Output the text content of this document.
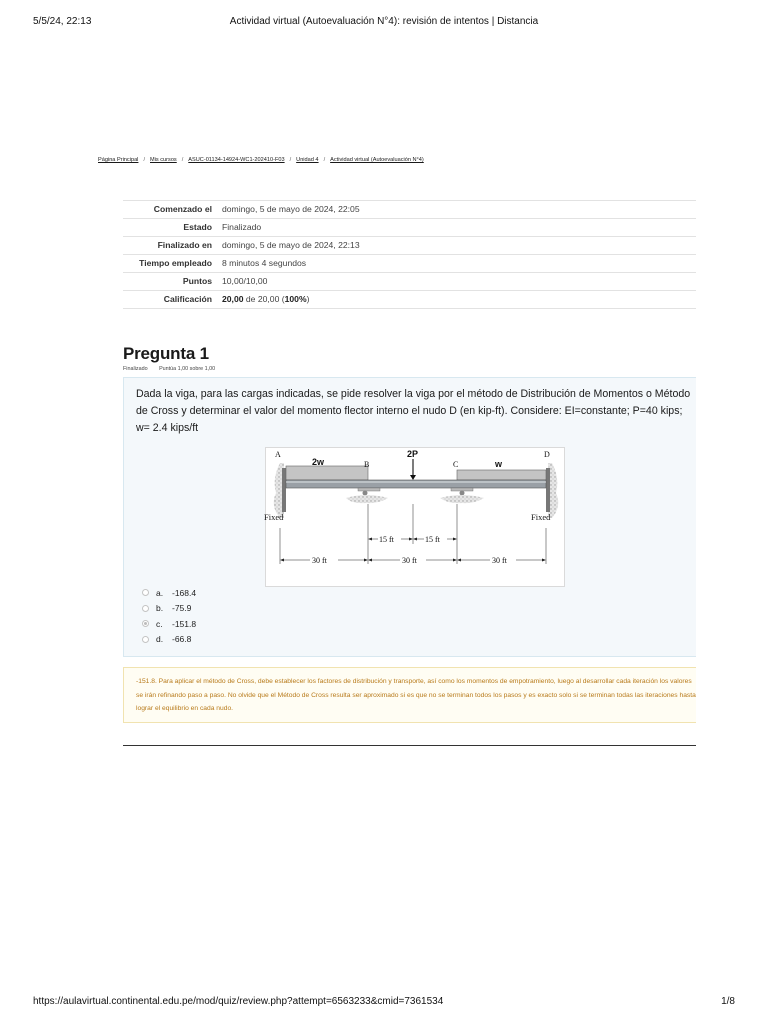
5/5/24, 22:13	Actividad virtual (Autoevaluación N°4): revisión de intentos | Distancia
Página Principal / Mis cursos / ASUC-01134-14924-WC1-202410-F03 / Unidad 4 / Actividad virtual (Autoevaluación N°4)
Comenzado el	domingo, 5 de mayo de 2024, 22:05
Estado	Finalizado
Finalizado en	domingo, 5 de mayo de 2024, 22:13
Tiempo empleado	8 minutos 4 segundos
Puntos	10,00/10,00
Calificación	20,00 de 20,00 (100%)
Pregunta 1
Finalizado Puntúa 1,00 sobre 1,00

Dada la viga, para las cargas indicadas, se pide resolver la viga por el método de Distribución de Momentos o Método de Cross y determinar el valor del momento flector interno el nudo D (en kip-ft). Considere: EI=constante; P=40 kips; w= 2.4 kips/ft

A
B	C
D
2w
2P
w
Fixed	Fixed
15 ft	15 ft
30 ft	30 ft	30 ft
a.	-168.4
b.	-75.9
c.	-151.8
d.	-66.8

-151.8. Para aplicar el método de Cross, debe establecer los factores de distribución y transporte, así como los momentos de empotramiento, luego al desarrollar cada iteración los valores se irán refinando paso a paso. No olvide que el Método de Cross resulta ser aproximado si es que no se terminan todos los pasos y es exacto solo si se terminan todas las iteraciones hasta lograr el equilibrio en cada nudo.

https://aulavirtual.continental.edu.pe/mod/quiz/review.php?attempt=6563233&cmid=7361534	1/8
